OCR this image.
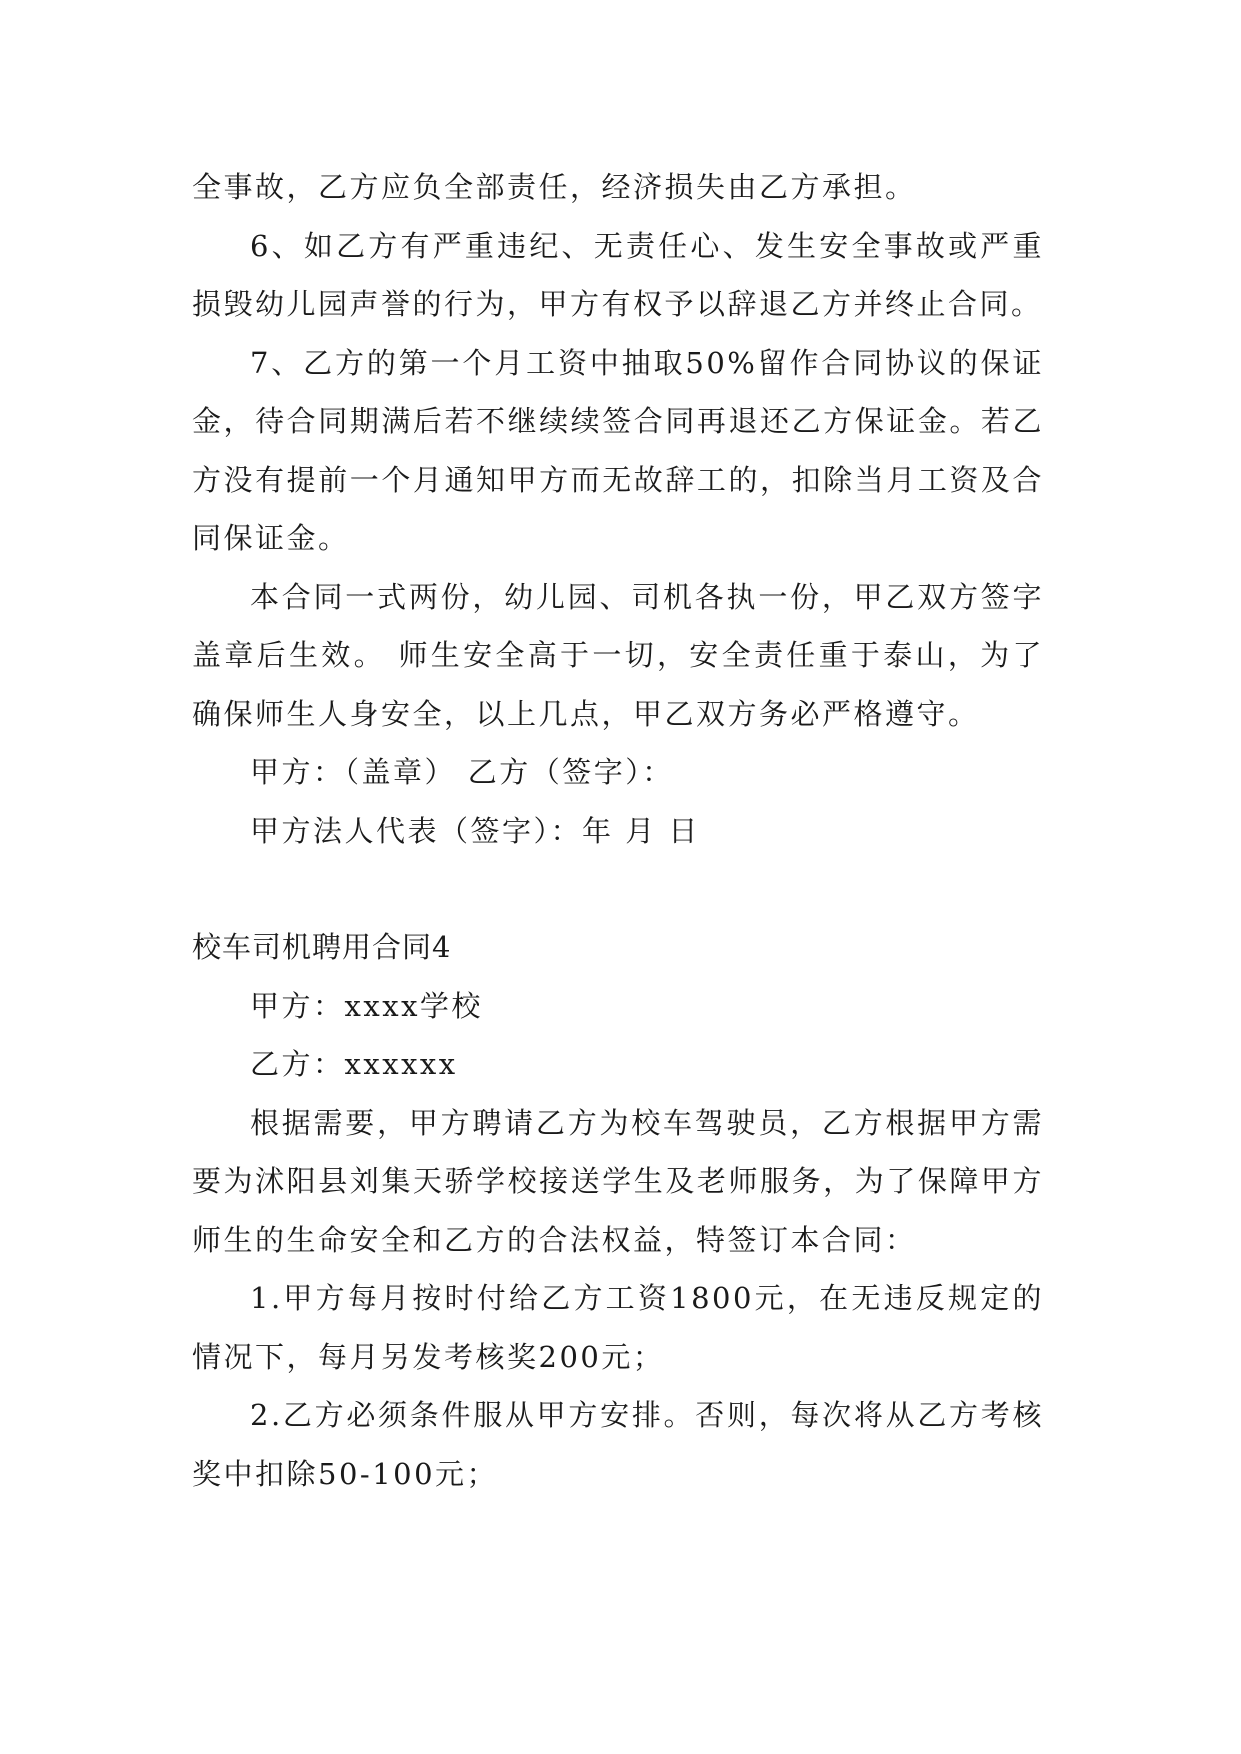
全事故，乙方应负全部责任，经济损失由乙方承担。

6、如乙方有严重违纪、无责任心、发生安全事故或严重损毁幼儿园声誉的行为，甲方有权予以辞退乙方并终止合同。

7、乙方的第一个月工资中抽取50%留作合同协议的保证金，待合同期满后若不继续续签合同再退还乙方保证金。若乙方没有提前一个月通知甲方而无故辞工的，扣除当月工资及合同保证金。

本合同一式两份，幼儿园、司机各执一份，甲乙双方签字盖章后生效。 师生安全高于一切，安全责任重于泰山，为了确保师生人身安全，以上几点，甲乙双方务必严格遵守。

甲方：（盖章） 乙方（签字）：

甲方法人代表（签字）：年 月 日

校车司机聘用合同4

甲方：xxxx学校

乙方：xxxxxx

根据需要，甲方聘请乙方为校车驾驶员，乙方根据甲方需要为沭阳县刘集天骄学校接送学生及老师服务，为了保障甲方师生的生命安全和乙方的合法权益，特签订本合同：

1.甲方每月按时付给乙方工资1800元，在无违反规定的情况下，每月另发考核奖200元；

2.乙方必须条件服从甲方安排。否则，每次将从乙方考核奖中扣除50-100元；
